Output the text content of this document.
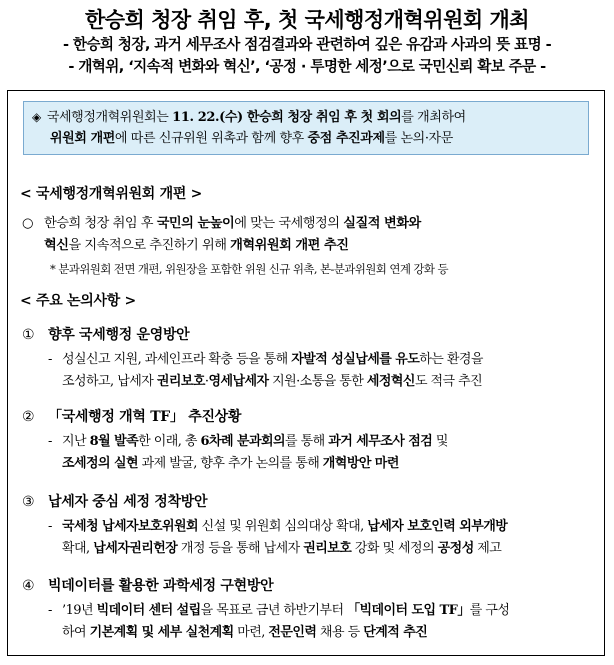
한승희 청장 취임 후, 첫 국세행정개혁위원회 개최
- 한승희 청장, 과거 세무조사 점검결과와 관련하여 깊은 유감과 사과의 뜻 표명 -
- 개혁위, ‘지속적 변화와 혁신’, ‘공정 · 투명한 세정’으로 국민신뢰 확보 주문 -
◈ 국세행정개혁위원회는 11. 22.(수) 한승희 청장 취임 후 첫 회의를 개최하여
위원회 개편에 따른 신규위원 위촉과 함께 향후 중점 추진과제를 논의·자문
< 국세행정개혁위원회 개편 >
○ 한승희 청장 취임 후 국민의 눈높이에 맞는 국세행정의 실질적 변화와
혁신을 지속적으로 추진하기 위해 개혁위원회 개편 추진
* 분과위원회 전면 개편, 위원장을 포함한 위원 신규 위촉, 본-분과위원회 연계 강화 등
< 주요 논의사항 >
① 향후 국세행정 운영방안
- 성실신고 지원, 과세인프라 확충 등을 통해 자발적 성실납세를 유도하는 환경을
조성하고, 납세자 권리보호·영세납세자 지원·소통을 통한 세정혁신도 적극 추진
② 「국세행정 개혁 TF」 추진상황
- 지난 8월 발족한 이래, 총 6차례 분과회의를 통해 과거 세무조사 점검 및
조세정의 실현 과제 발굴, 향후 추가 논의를 통해 개혁방안 마련
③ 납세자 중심 세정 정착방안
- 국세청 납세자보호위원회 신설 및 위원회 심의대상 확대, 납세자 보호인력 외부개방
확대, 납세자권리헌장 개정 등을 통해 납세자 권리보호 강화 및 세정의 공정성 제고
④ 빅데이터를 활용한 과학세정 구현방안
- ’19년 빅데이터 센터 설립을 목표로 금년 하반기부터 「빅데이터 도입 TF」를 구성
하여 기본계획 및 세부 실천계획 마련, 전문인력 채용 등 단계적 추진
